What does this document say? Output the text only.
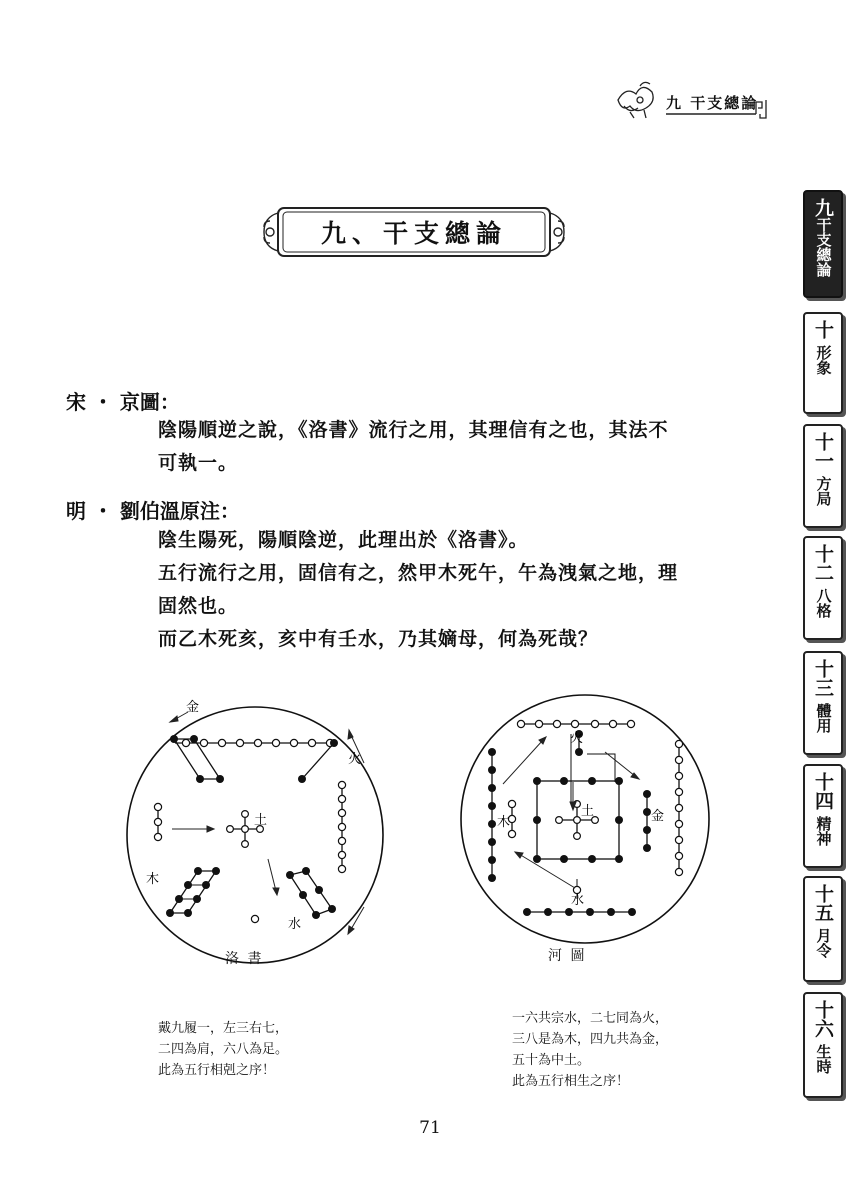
九 干支總論
九
干支總論
十
形象
十一
方局
十二
八格
十三
體用
十四
精神
十五
月令
十六
生時
九、干支總論
宋 ・ 京圖：
陰陽順逆之說，《洛書》流行之用，其理信有之也，其法不
可執一。
明 ・ 劉伯溫原注：
陰生陽死，陽順陰逆，此理出於《洛書》。
五行流行之用，固信有之，然甲木死午，午為洩氣之地，理
固然也。
而乙木死亥，亥中有壬水，乃其嫡母，何為死哉？
金
火
土
木
水
洛 書
火
土	金
木
水
河 圖
戴九履一，左三右七，
二四為肩，六八為足。
此為五行相剋之序！
一六共宗水，二七同為火，
三八是為木，四九共為金，
五十為中土。
此為五行相生之序！
71
